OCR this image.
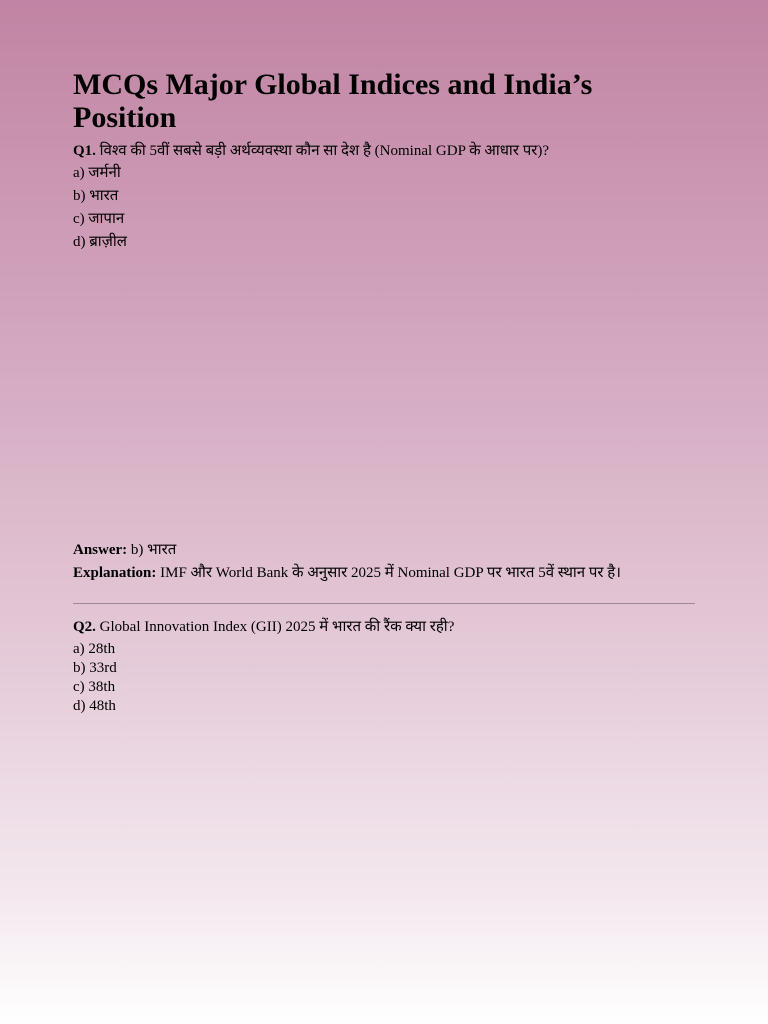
MCQs Major Global Indices and India’s Position

Q1. विश्व की 5वीं सबसे बड़ी अर्थव्यवस्था कौन सा देश है (Nominal GDP के आधार पर)?

a) जर्मनी
b) भारत
c) जापान
d) ब्राज़ील
Answer: b) भारत
Explanation: IMF और World Bank के अनुसार 2025 में Nominal GDP पर भारत 5वें स्थान पर है।

Q2. Global Innovation Index (GII) 2025 में भारत की रैंक क्या रही?

a) 28th
b) 33rd
c) 38th
d) 48th
